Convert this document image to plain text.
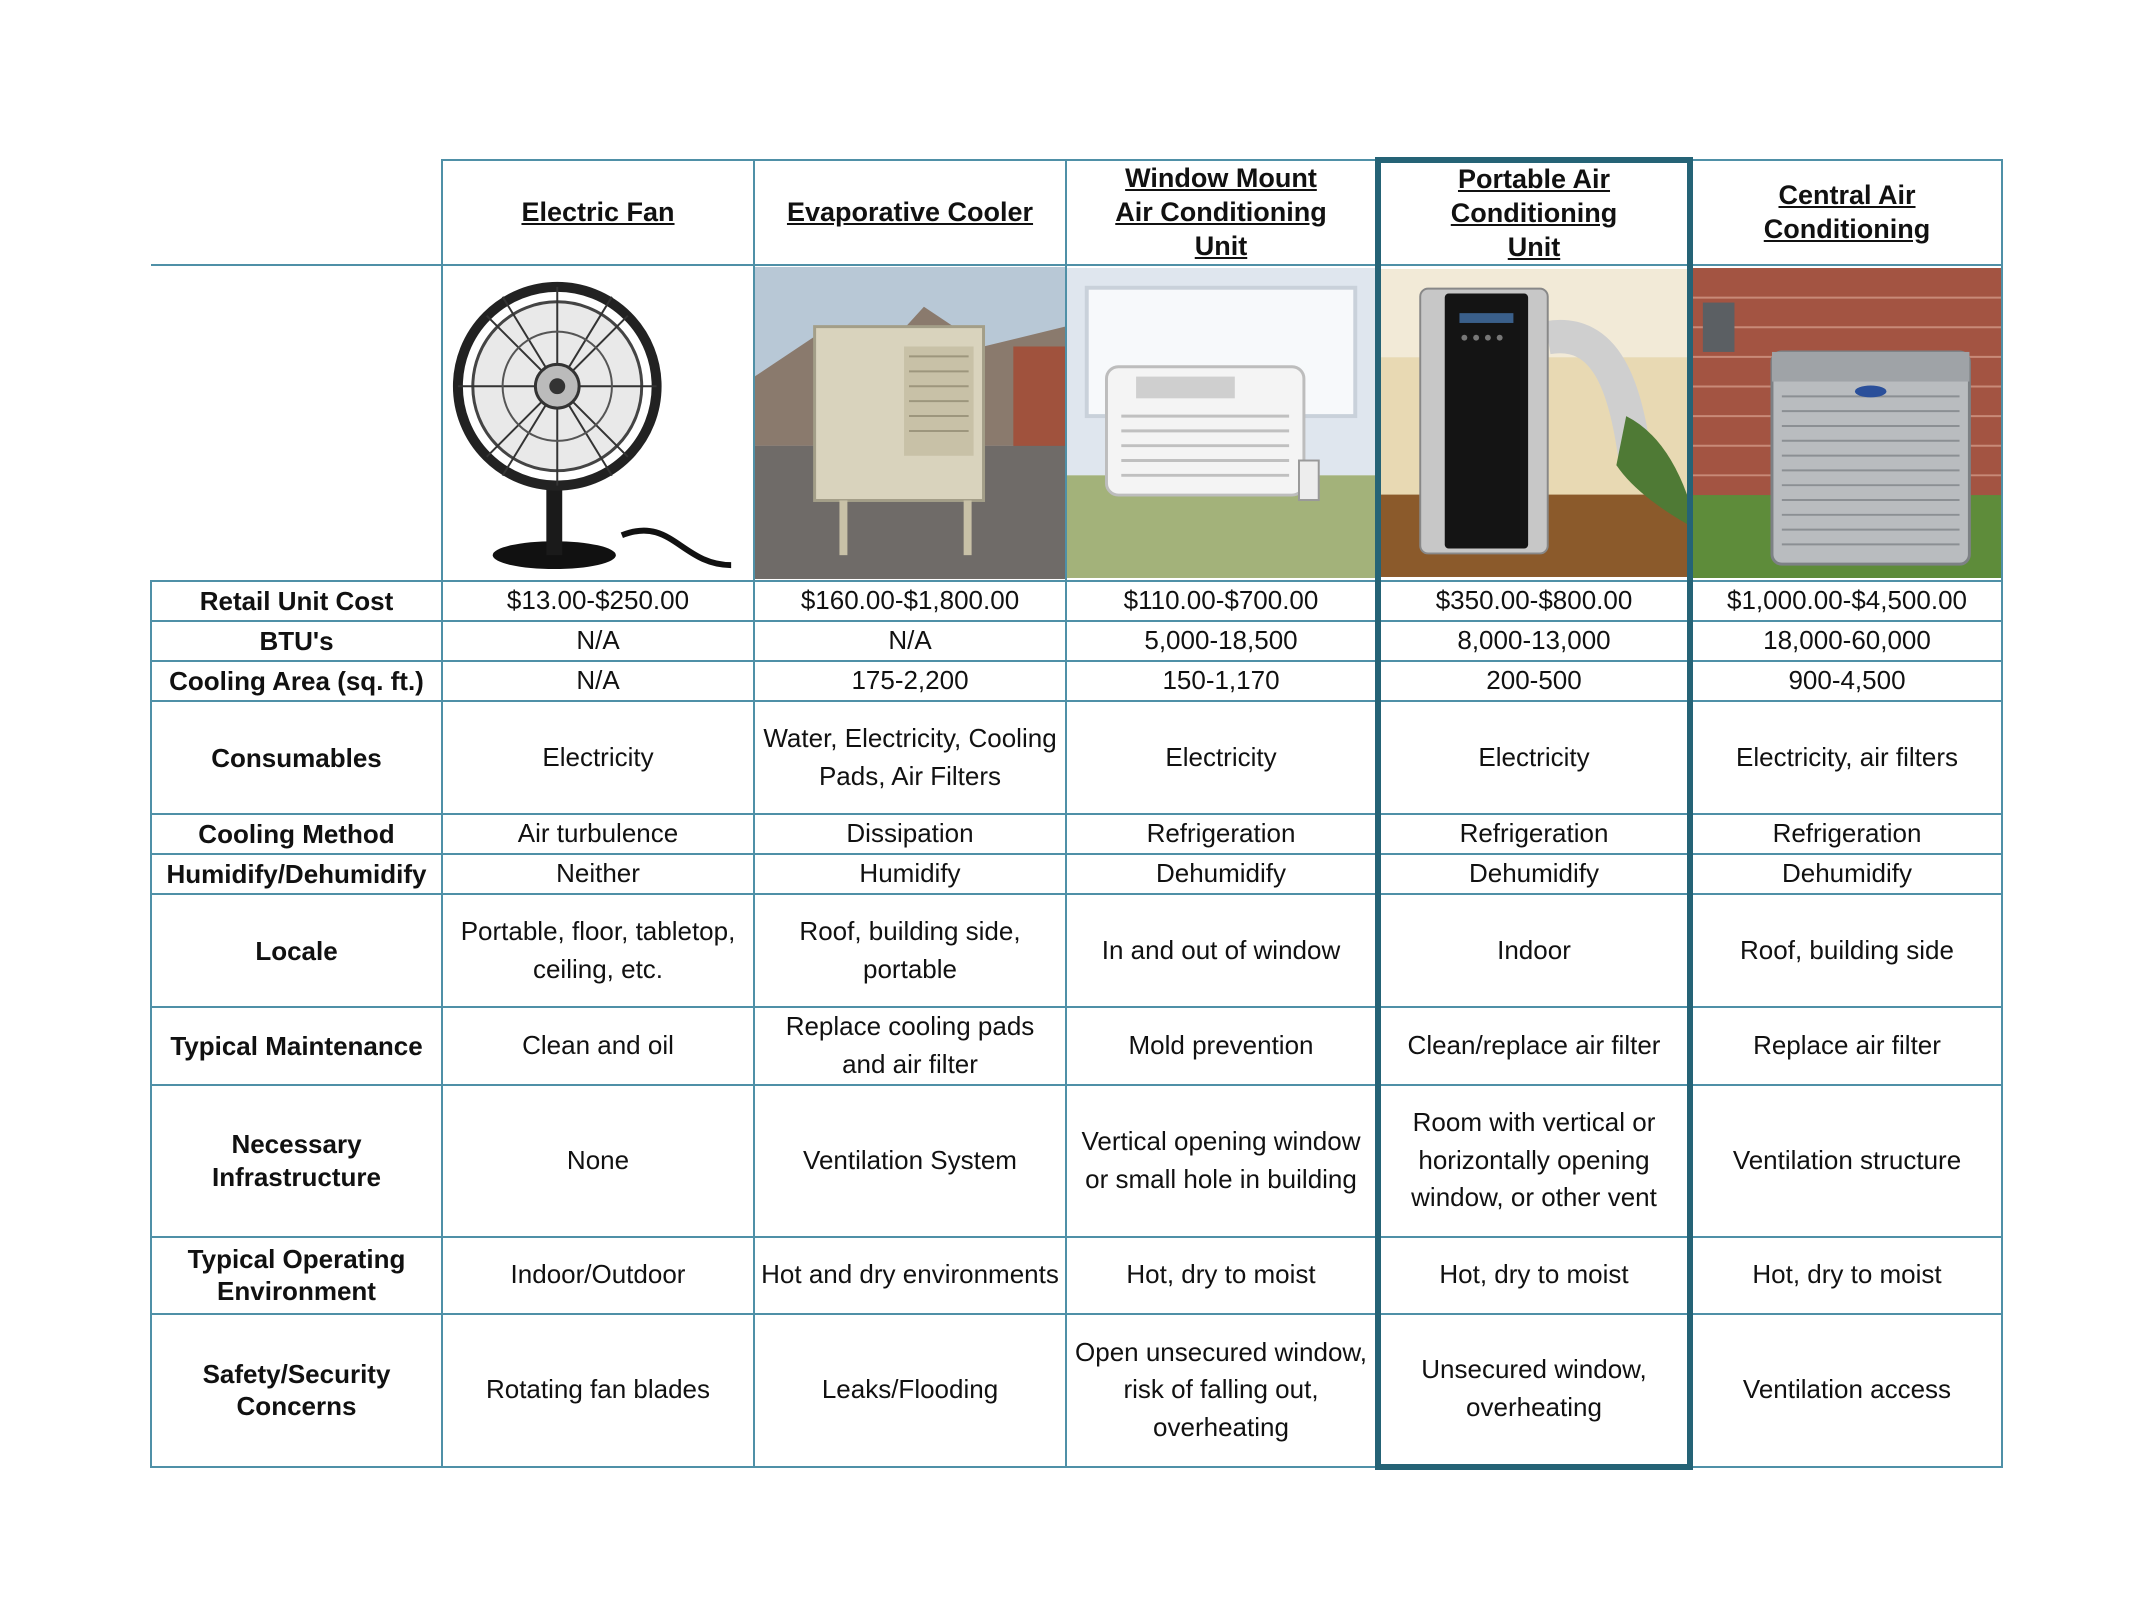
	Electric Fan	Evaporative Cooler	Window Mount Air Conditioning Unit	Portable Air Conditioning Unit	Central Air Conditioning

Retail Unit Cost	$13.00-$250.00	$160.00-$1,800.00	$110.00-$700.00	$350.00-$800.00	$1,000.00-$4,500.00
BTU's	N/A	N/A	5,000-18,500	8,000-13,000	18,000-60,000
Cooling Area (sq. ft.)	N/A	175-2,200	150-1,170	200-500	900-4,500
Consumables	Electricity	Water, Electricity, Cooling Pads, Air Filters	Electricity	Electricity	Electricity, air filters
Cooling Method	Air turbulence	Dissipation	Refrigeration	Refrigeration	Refrigeration
Humidify/Dehumidify	Neither	Humidify	Dehumidify	Dehumidify	Dehumidify
Locale	Portable, floor, tabletop, ceiling, etc.	Roof, building side, portable	In and out of window	Indoor	Roof, building side
Typical Maintenance	Clean and oil	Replace cooling pads and air filter	Mold prevention	Clean/replace air filter	Replace air filter
Necessary Infrastructure	None	Ventilation System	Vertical opening window or small hole in building	Room with vertical or horizontally opening window, or other vent	Ventilation structure
Typical Operating Environment	Indoor/Outdoor	Hot and dry environments	Hot, dry to moist	Hot, dry to moist	Hot, dry to moist
Safety/Security Concerns	Rotating fan blades	Leaks/Flooding	Open unsecured window, risk of falling out, overheating	Unsecured window, overheating	Ventilation access
